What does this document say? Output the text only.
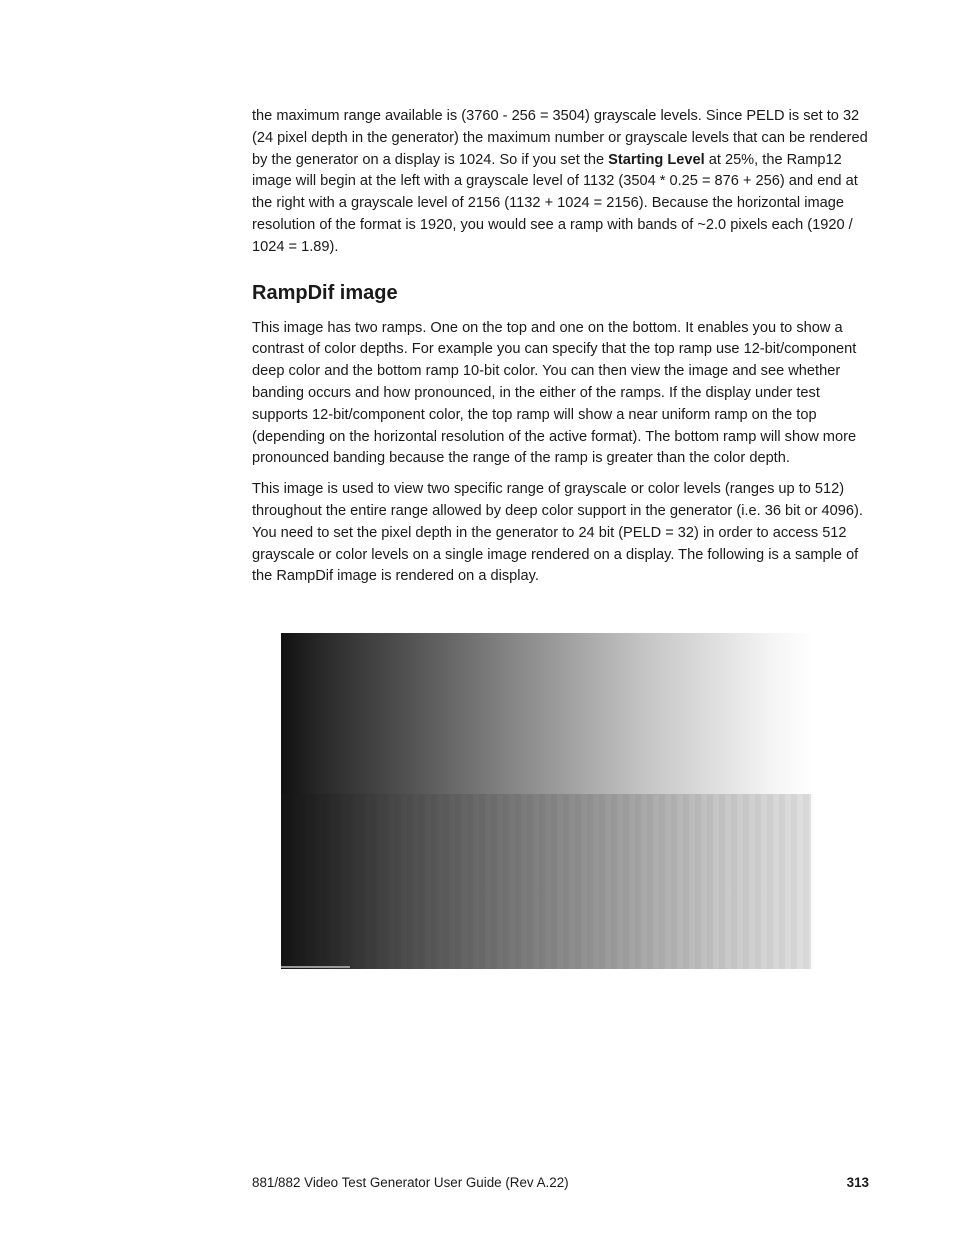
the maximum range available is (3760 - 256 = 3504) grayscale levels. Since PELD is set to 32 (24 pixel depth in the generator) the maximum number or grayscale levels that can be rendered by the generator on a display is 1024. So if you set the Starting Level at 25%, the Ramp12 image will begin at the left with a grayscale level of 1132 (3504 * 0.25 = 876 + 256) and end at the right with a grayscale level of 2156 (1132 + 1024 = 2156). Because the horizontal image resolution of the format is 1920, you would see a ramp with bands of ~2.0 pixels each (1920 / 1024 = 1.89).

RampDif image

This image has two ramps. One on the top and one on the bottom. It enables you to show a contrast of color depths. For example you can specify that the top ramp use 12-bit/component deep color and the bottom ramp 10-bit color. You can then view the image and see whether banding occurs and how pronounced, in the either of the ramps. If the display under test supports 12-bit/component color, the top ramp will show a near uniform ramp on the top (depending on the horizontal resolution of the active format). The bottom ramp will show more pronounced banding because the range of the ramp is greater than the color depth.

This image is used to view two specific range of grayscale or color levels (ranges up to 512) throughout the entire range allowed by deep color support in the generator (i.e. 36 bit or 4096). You need to set the pixel depth in the generator to 24 bit (PELD = 32) in order to access 512 grayscale or color levels on a single image rendered on a display. The following is a sample of the RampDif image is rendered on a display.

881/882 Video Test Generator User Guide (Rev A.22)	313
